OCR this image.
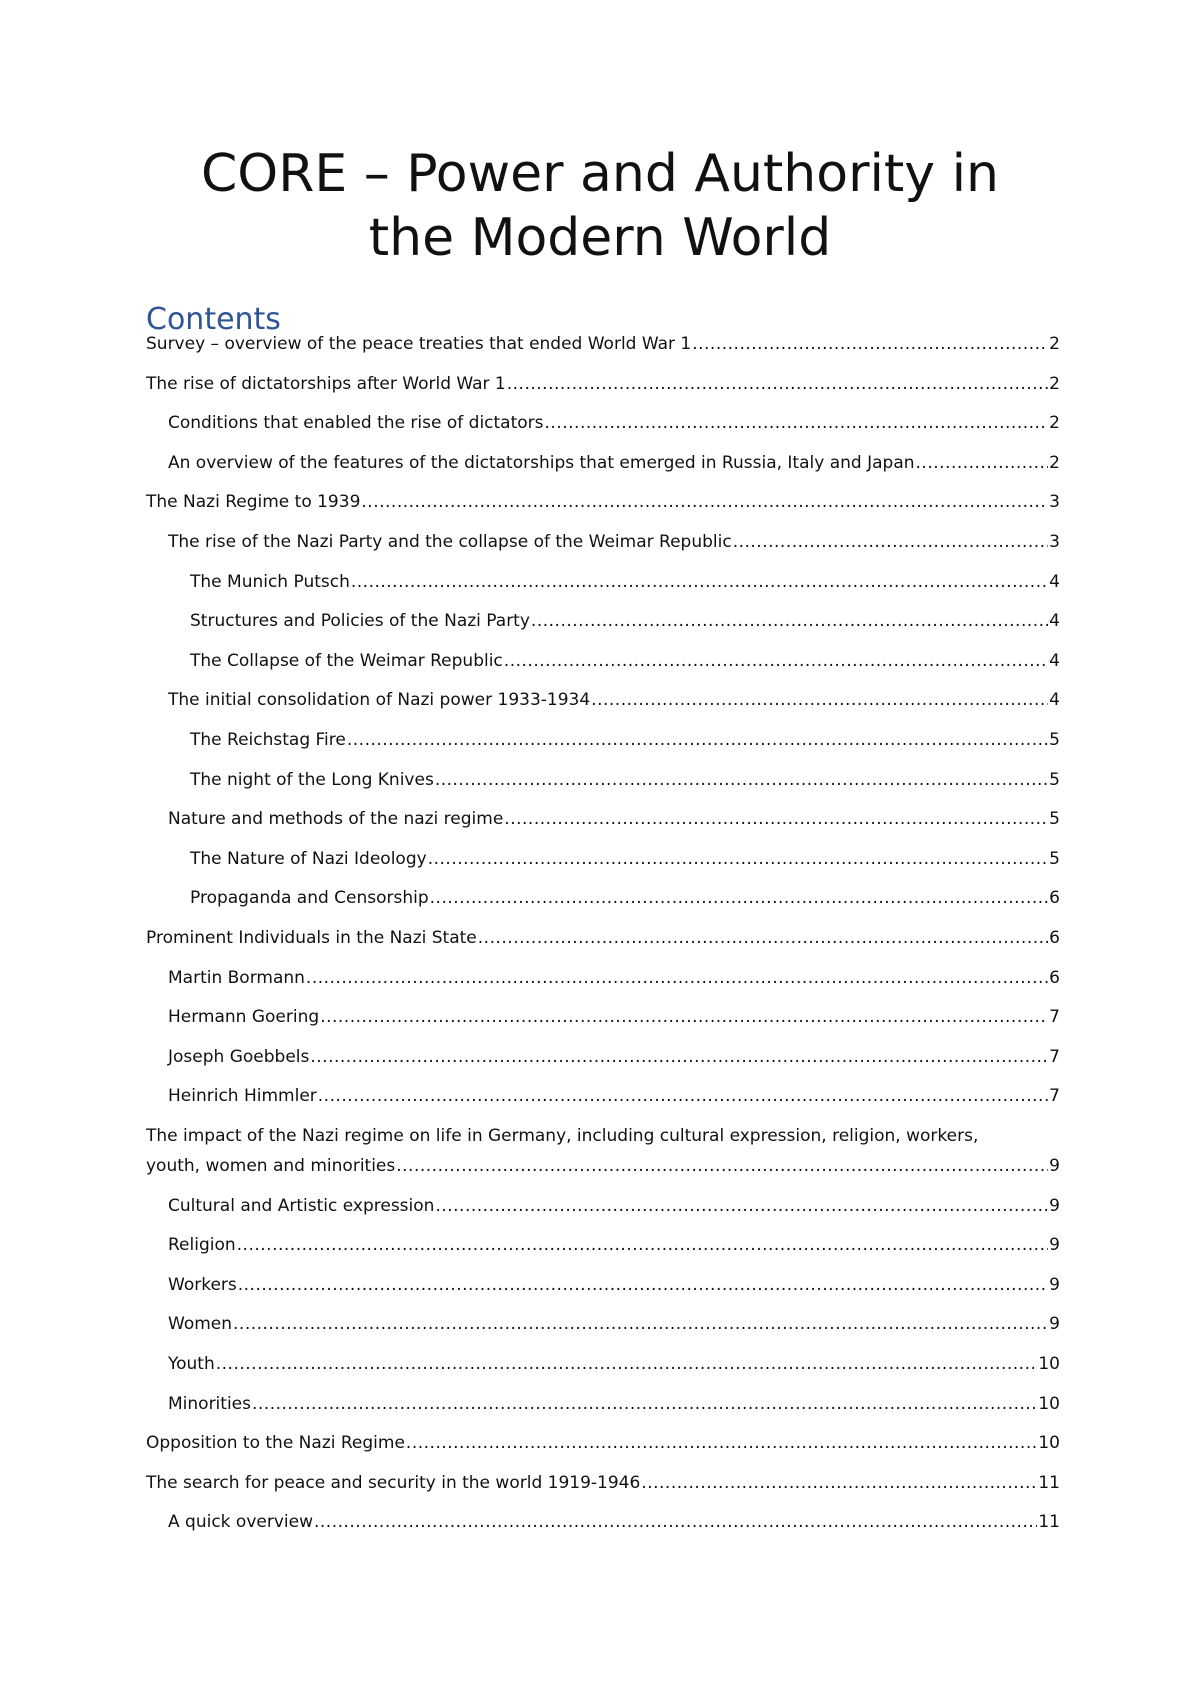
CORE – Power and Authority in
the Modern World
Contents
Survey – overview of the peace treaties that ended World War 1 .....	2
The rise of dictatorships after World War 1 .....	2
Conditions that enabled the rise of dictators .....	2
An overview of the features of the dictatorships that emerged in Russia, Italy and Japan .....	2
The Nazi Regime to 1939 .....	3
The rise of the Nazi Party and the collapse of the Weimar Republic .....	3
The Munich Putsch .....	4
Structures and Policies of the Nazi Party .....	4
The Collapse of the Weimar Republic .....	4
The initial consolidation of Nazi power 1933-1934 .....	4
The Reichstag Fire .....	5
The night of the Long Knives .....	5
Nature and methods of the nazi regime .....	5
The Nature of Nazi Ideology .....	5
Propaganda and Censorship .....	6
Prominent Individuals in the Nazi State .....	6
Martin Bormann .....	6
Hermann Goering .....	7
Joseph Goebbels .....	7
Heinrich Himmler .....	7
The impact of the Nazi regime on life in Germany, including cultural expression, religion, workers,
youth, women and minorities .....	9
Cultural and Artistic expression .....	9
Religion .....	9
Workers .....	9
Women .....	9
Youth .....	10
Minorities .....	10
Opposition to the Nazi Regime .....	10
The search for peace and security in the world 1919-1946 .....	11
A quick overview .....	11
